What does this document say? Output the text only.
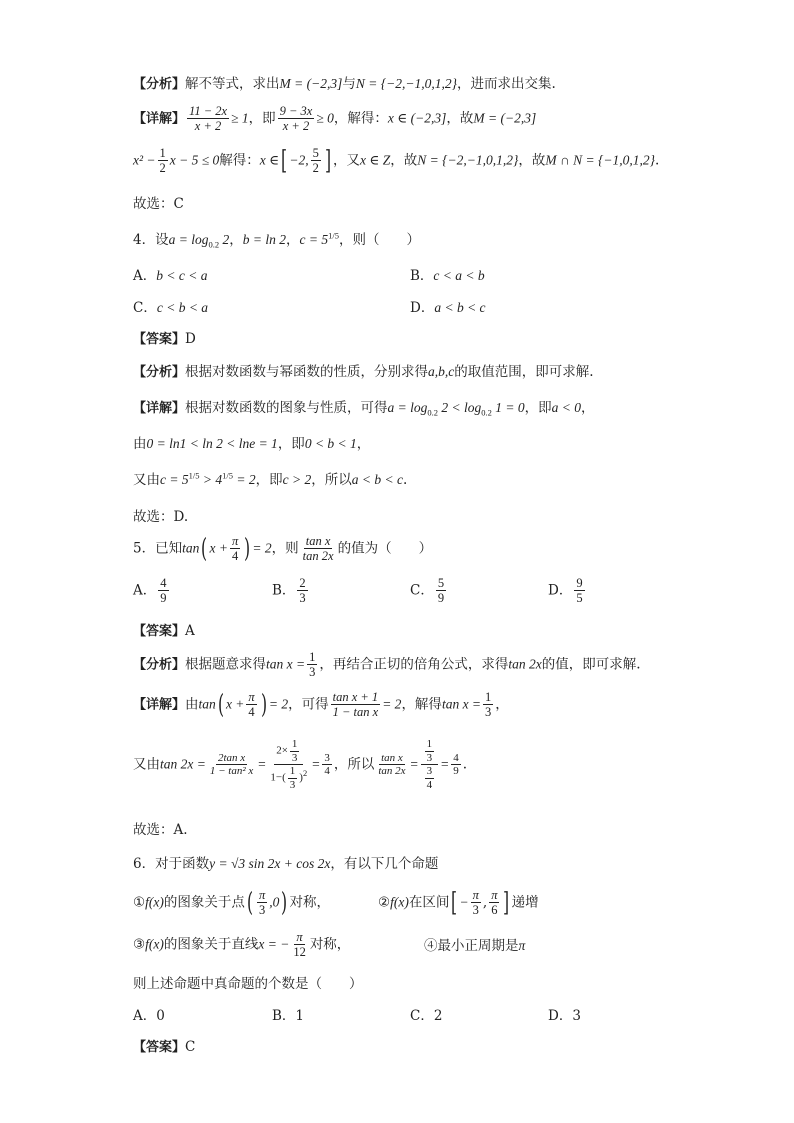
【分析】解不等式，求出M = (−2,3]与N = {−2,−1,0,1,2}，进而求出交集.
【详解】 $\frac{11 - 2x}{x + 2} \ge 1$，即 $\frac{9 - 3x}{x + 2} \ge 0$，解得：x ∈ (−2,3]，故M = (−2,3]
$x^2 - \frac{1}{2}$ x − 5 ≤ 0解得：x ∈[ −2, $\frac{5}{2}$ ] ，又x ∈ Z，故N = {−2,−1,0,1,2}，故M ∩ N = {−1,0,1,2}.
故选：C
4．设$a = \log_{0.2} 2$，b = ln 2，$c = 5^{1/5}$，则（　　）
A．b < c < a	B．c < a < b
C．c < b < a	D．a < b < c
【答案】D
【分析】根据对数函数与幂函数的性质，分别求得a,b,c的取值范围，即可求解.
【详解】根据对数函数的图象与性质，可得$a = \log_{0.2} 2 < \log_{0.2} 1 = 0$，即a < 0，
由0 = ln1 < ln 2 < lne = 1，即0 < b < 1，
又由$c = 5^{1/5} > 4^{1/5} = 2$，即c > 2，所以a < b < c.
故选：D.
5．已知tan( $x + \frac{\pi}{4}$ ) = 2，则 $\frac{\text{tan x}}{\tan 2x}$ 的值为（　　）
A． $\frac{4}{9}$	B． $\frac{2}{3}$	C． $\frac{5}{9}$	D． $\frac{9}{5}$
【答案】A
【分析】根据题意求得$\tan x = \frac{1}{3}$ ，再结合正切的倍角公式，求得tan 2x的值，即可求解.
【详解】由tan( $x + \frac{\pi}{4}$ ) = 2，可得 $\frac{\text{tan x + 1}}{\text{1 − tan x}} = 2$，解得$\tan x = \frac{1}{3}$ ，
又由$\tan 2x = \frac{\text{2tan x}}{\text{1 − tan² x}} = \frac{2\times \frac{1}{3}}{1-( \frac{1}{3} )^2} = \frac{3}{4}$ ，所以 $\frac{\text{tan x}}{\tan 2x} = \frac{\frac{1}{3}}{\frac{3}{4}} = \frac{4}{9}$ .
故选：A.
6．对于函数y = √3 sin 2x + cos 2x，有以下几个命题
①f(x)的图象关于点( $\frac{\pi}{3} ,0$) 对称，	②f(x)在区间[ − $\frac{\pi}{3}$ , $\frac{\pi}{6}$ ] 递增
③f(x)的图象关于直线x = − $\frac{\pi}{12}$ 对称，	④最小正周期是π
则上述命题中真命题的个数是（　　）
A．0	B．1	C．2	D．3
【答案】C
